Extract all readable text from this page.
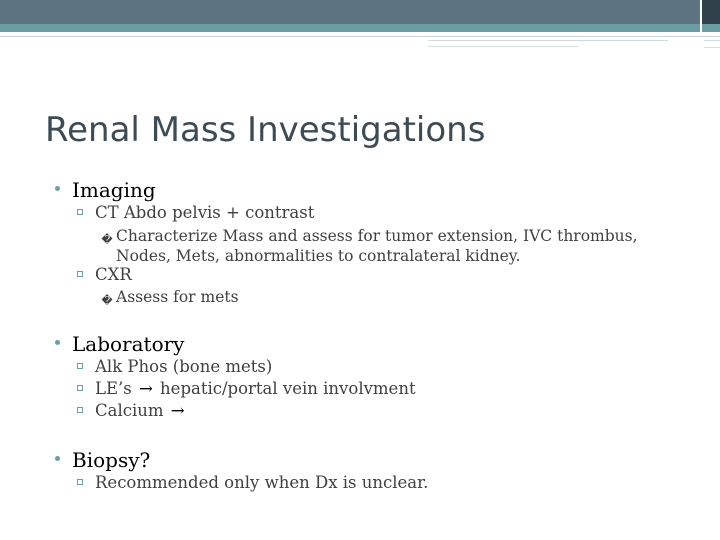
Renal Mass Investigations
Imaging
CT Abdo pelvis + contrast
� Characterize Mass and assess for tumor extension, IVC thrombus,
Nodes, Mets, abnormalities to contralateral kidney.
CXR
� Assess for mets
Laboratory
Alk Phos (bone mets)
LE’s → hepatic/portal vein involvment
Calcium →
Biopsy?
Recommended only when Dx is unclear.
